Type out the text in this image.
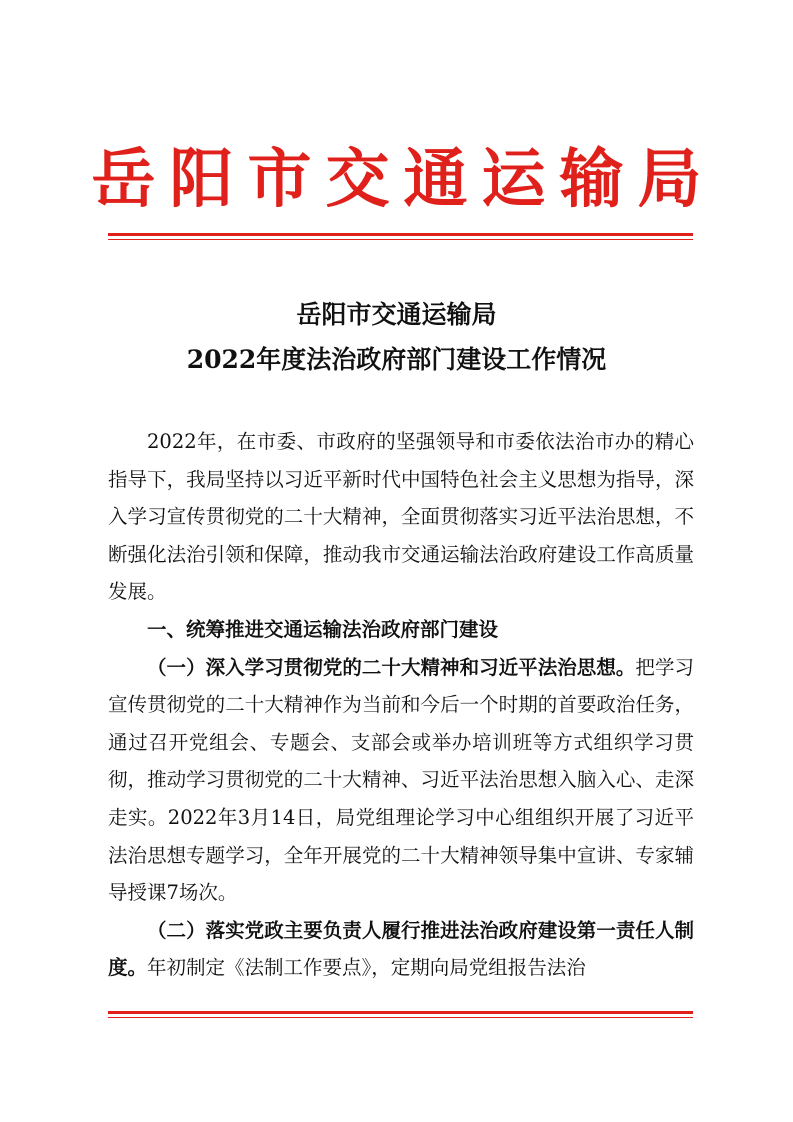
岳阳市交通运输局
岳阳市交通运输局
2022年度法治政府部门建设工作情况

2022年，在市委、市政府的坚强领导和市委依法治市办的精心指导下，我局坚持以习近平新时代中国特色社会主义思想为指导，深入学习宣传贯彻党的二十大精神，全面贯彻落实习近平法治思想，不断强化法治引领和保障，推动我市交通运输法治政府建设工作高质量发展。

一、统筹推进交通运输法治政府部门建设

（一）深入学习贯彻党的二十大精神和习近平法治思想。把学习宣传贯彻党的二十大精神作为当前和今后一个时期的首要政治任务，通过召开党组会、专题会、支部会或举办培训班等方式组织学习贯彻，推动学习贯彻党的二十大精神、习近平法治思想入脑入心、走深走实。2022年3月14日，局党组理论学习中心组组织开展了习近平法治思想专题学习，全年开展党的二十大精神领导集中宣讲、专家辅导授课7场次。

（二）落实党政主要负责人履行推进法治政府建设第一责任人制度。年初制定《法制工作要点》，定期向局党组报告法治
